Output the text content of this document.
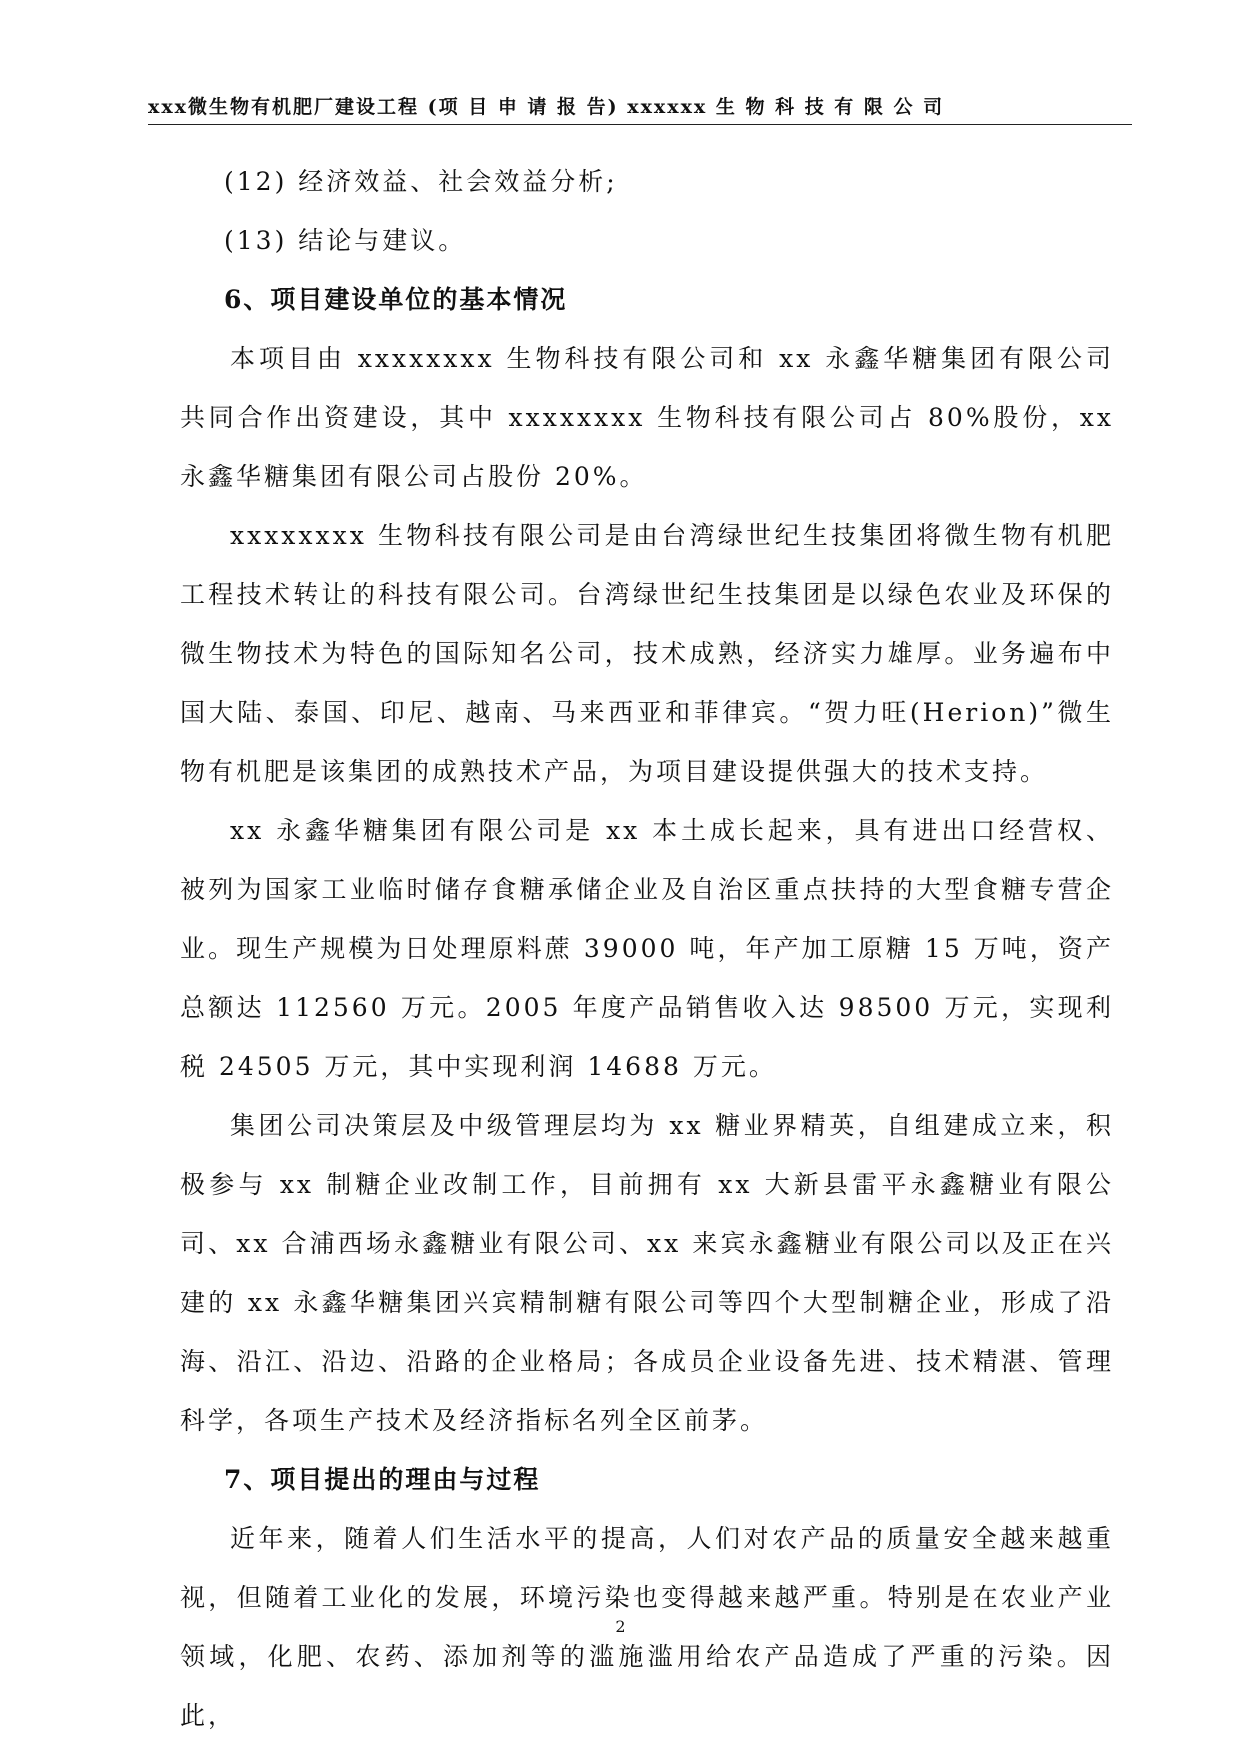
xxx微生物有机肥厂建设工程 (项 目 申 请 报 告) xxxxxx 生 物 科 技 有 限 公 司

(12) 经济效益、社会效益分析;

(13) 结论与建议。

6、项目建设单位的基本情况

本项目由 xxxxxxxx 生物科技有限公司和 xx 永鑫华糖集团有限公司共同合作出资建设，其中 xxxxxxxx 生物科技有限公司占 80%股份，xx 永鑫华糖集团有限公司占股份 20%。

xxxxxxxx 生物科技有限公司是由台湾绿世纪生技集团将微生物有机肥工程技术转让的科技有限公司。台湾绿世纪生技集团是以绿色农业及环保的微生物技术为特色的国际知名公司，技术成熟，经济实力雄厚。业务遍布中国大陆、泰国、印尼、越南、马来西亚和菲律宾。“贺力旺(Herion)”微生物有机肥是该集团的成熟技术产品，为项目建设提供强大的技术支持。

xx 永鑫华糖集团有限公司是 xx 本土成长起来，具有进出口经营权、被列为国家工业临时储存食糖承储企业及自治区重点扶持的大型食糖专营企业。现生产规模为日处理原料蔗 39000 吨，年产加工原糖 15 万吨，资产总额达 112560 万元。2005 年度产品销售收入达 98500 万元，实现利税 24505 万元，其中实现利润 14688 万元。

集团公司决策层及中级管理层均为 xx 糖业界精英，自组建成立来，积极参与 xx 制糖企业改制工作，目前拥有 xx 大新县雷平永鑫糖业有限公司、xx 合浦西场永鑫糖业有限公司、xx 来宾永鑫糖业有限公司以及正在兴建的 xx 永鑫华糖集团兴宾精制糖有限公司等四个大型制糖企业，形成了沿海、沿江、沿边、沿路的企业格局；各成员企业设备先进、技术精湛、管理科学，各项生产技术及经济指标名列全区前茅。

7、项目提出的理由与过程

近年来，随着人们生活水平的提高，人们对农产品的质量安全越来越重视，但随着工业化的发展，环境污染也变得越来越严重。特别是在农业产业领域，化肥、农药、添加剂等的滥施滥用给农产品造成了严重的污染。因此，

2
